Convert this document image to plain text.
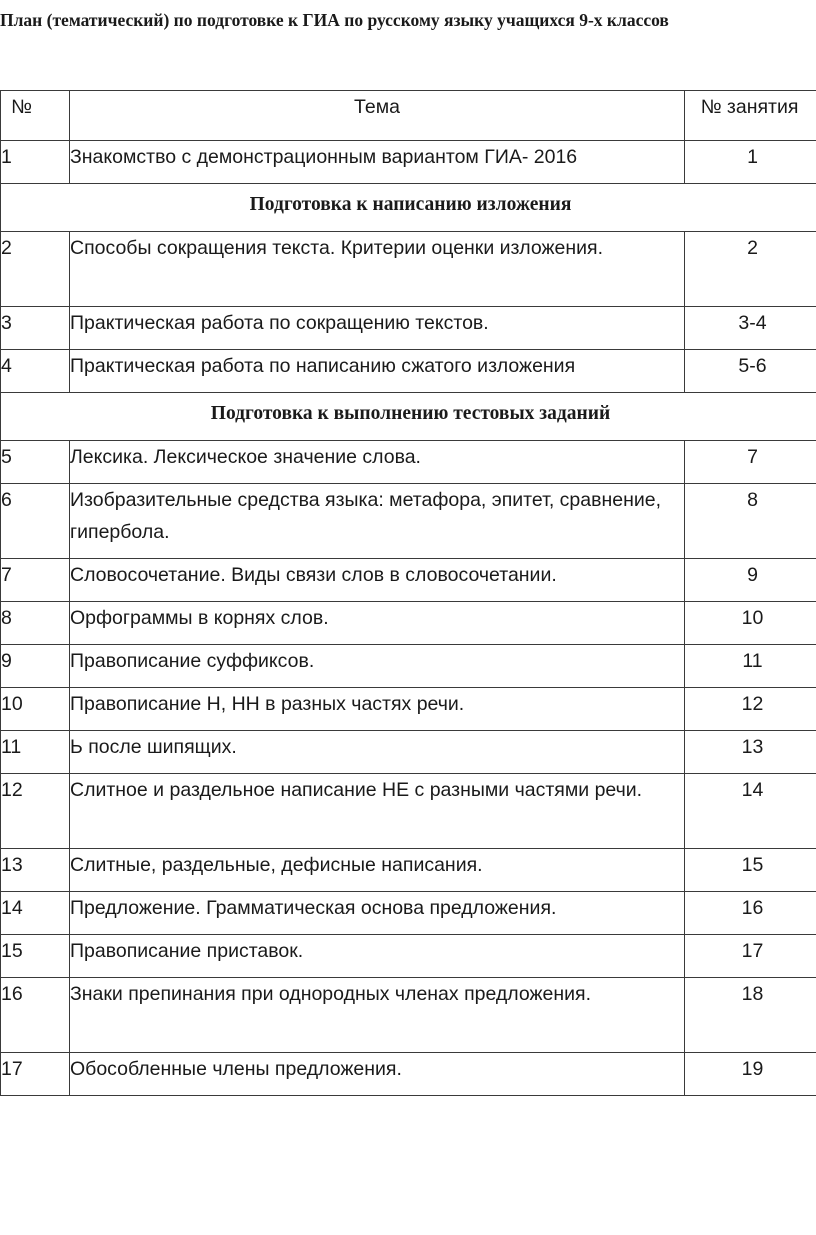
План (тематический) по подготовке к ГИА по русскому языку учащихся 9-х классов
№	Тема	№ занятия
1	Знакомство с демонстрационным вариантом ГИА- 2016	1
Подготовка к написанию изложения		
2	Способы сокращения текста. Критерии оценки изложения.	2
3	Практическая работа по сокращению текстов.	3-4
4	Практическая работа по написанию сжатого изложения	5-6
Подготовка к выполнению тестовых заданий		
5	Лексика. Лексическое значение слова.	7
6	Изобразительные средства языка: метафора, эпитет, сравнение, гипербола.	8
7	Словосочетание. Виды связи слов в словосочетании.	9
8	Орфограммы в корнях слов.	10
9	Правописание суффиксов.	11
10	Правописание Н, НН в разных частях речи.	12
11	Ь после шипящих.	13
12	Слитное и раздельное написание НЕ с разными частями речи.	14
13	Слитные, раздельные, дефисные написания.	15
14	Предложение. Грамматическая основа предложения.	16
15	Правописание приставок.	17
16	Знаки препинания при однородных членах предложения.	18
17	Обособленные члены предложения.	19
